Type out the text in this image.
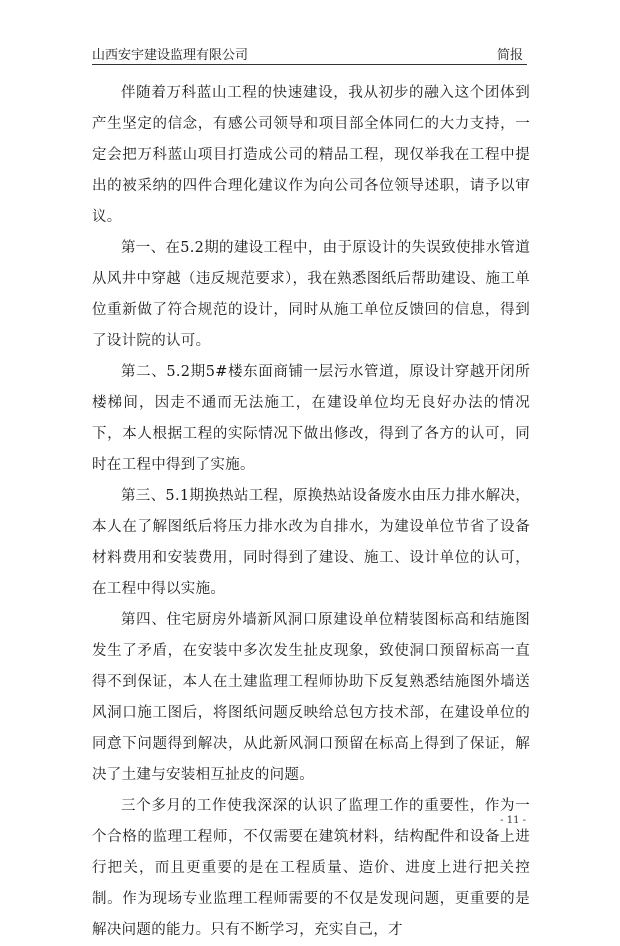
山西安宇建设监理有限公司	简报

伴随着万科蓝山工程的快速建设，我从初步的融入这个团体到产生坚定的信念，有感公司领导和项目部全体同仁的大力支持，一定会把万科蓝山项目打造成公司的精品工程，现仅举我在工程中提出的被采纳的四件合理化建议作为向公司各位领导述职，请予以审议。

第一、在5.2期的建设工程中，由于原设计的失误致使排水管道从风井中穿越（违反规范要求），我在熟悉图纸后帮助建设、施工单位重新做了符合规范的设计，同时从施工单位反馈回的信息，得到了设计院的认可。

第二、5.2期5#楼东面商铺一层污水管道，原设计穿越开闭所楼梯间，因走不通而无法施工，在建设单位均无良好办法的情况下，本人根据工程的实际情况下做出修改，得到了各方的认可，同时在工程中得到了实施。

第三、5.1期换热站工程，原换热站设备废水由压力排水解决，本人在了解图纸后将压力排水改为自排水，为建设单位节省了设备材料费用和安装费用，同时得到了建设、施工、设计单位的认可，在工程中得以实施。

第四、住宅厨房外墙新风洞口原建设单位精装图标高和结施图发生了矛盾，在安装中多次发生扯皮现象，致使洞口预留标高一直得不到保证，本人在土建监理工程师协助下反复熟悉结施图外墙送风洞口施工图后，将图纸问题反映给总包方技术部，在建设单位的同意下问题得到解决，从此新风洞口预留在标高上得到了保证，解决了土建与安装相互扯皮的问题。

三个多月的工作使我深深的认识了监理工作的重要性，作为一个合格的监理工程师，不仅需要在建筑材料，结构配件和设备上进行把关，而且更重要的是在工程质量、造价、进度上进行把关控制。作为现场专业监理工程师需要的不仅是发现问题，更重要的是解决问题的能力。只有不断学习，充实自己，才

- 11 -
